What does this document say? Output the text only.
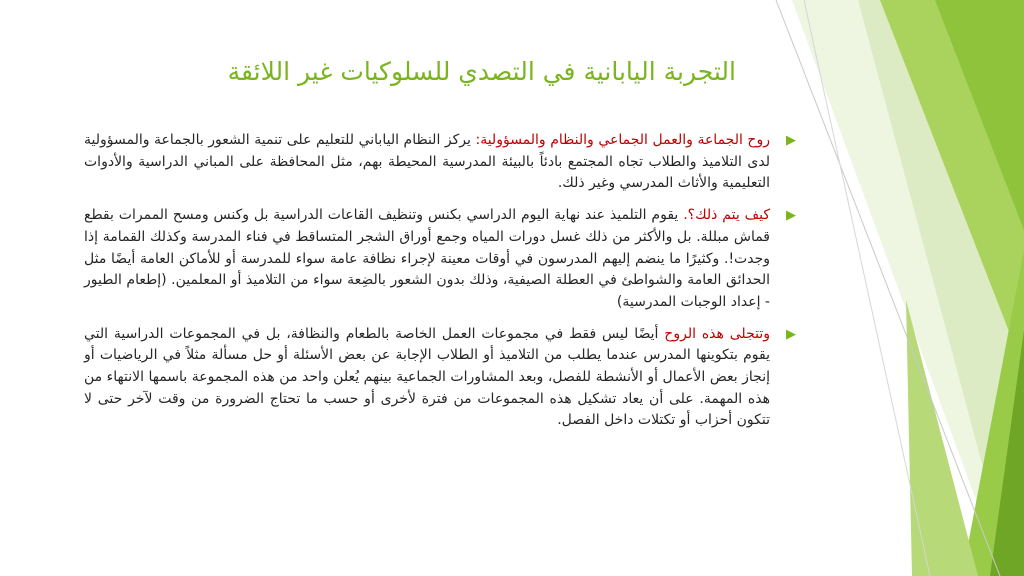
التجربة اليابانية في التصدي للسلوكيات غير اللائقة
▶
روح الجماعة والعمل الجماعي والنظام والمسؤولية: يركز النظام الياباني للتعليم على تنمية الشعور بالجماعة والمسؤولية لدى التلاميذ والطلاب تجاه المجتمع بادئاً بالبيئة المدرسية المحيطة بهم، مثل المحافظة على المباني الدراسية والأدوات التعليمية والأثاث المدرسي وغير ذلك.
▶
كيف يتم ذلك؟. يقوم التلميذ عند نهاية اليوم الدراسي بكنس وتنظيف القاعات الدراسية بل وكنس ومسح الممرات بقطع قماش مبللة. بل والأكثر من ذلك غسل دورات المياه وجمع أوراق الشجر المتساقط في فناء المدرسة وكذلك القمامة إذا وجدت!. وكثيرًا ما ينضم إليهم المدرسون في أوقات معينة لإجراء نظافة عامة سواء للمدرسة أو للأماكن العامة أيضًا مثل الحدائق العامة والشواطئ في العطلة الصيفية، وذلك بدون الشعور بالضِعة سواء من التلاميذ أو المعلمين. (إطعام الطيور - إعداد الوجبات المدرسية)
▶
وتتجلى هذه الروح أيضًا ليس فقط في مجموعات العمل الخاصة بالطعام والنظافة، بل في المجموعات الدراسية التي يقوم بتكوينها المدرس عندما يطلب من التلاميذ أو الطلاب الإجابة عن بعض الأسئلة أو حل مسألة مثلاً في الرياضيات أو إنجاز بعض الأعمال أو الأنشطة للفصل، وبعد المشاورات الجماعية بينهم يُعلن واحد من هذه المجموعة باسمها الانتهاء من هذه المهمة. على أن يعاد تشكيل هذه المجموعات من فترة لأخرى أو حسب ما تحتاج الضرورة من وقت لآخر حتى لا تتكون أحزاب أو تكتلات داخل الفصل.
